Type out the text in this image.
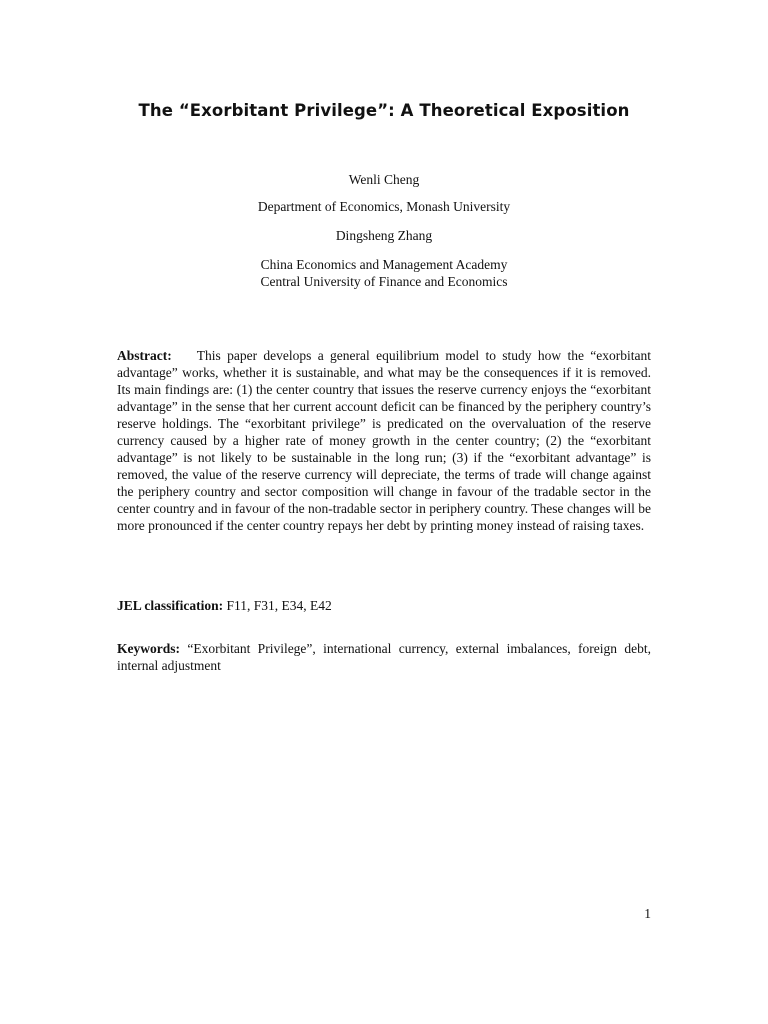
The “Exorbitant Privilege”: A Theoretical Exposition
Wenli Cheng
Department of Economics, Monash University
Dingsheng Zhang
China Economics and Management Academy
Central University of Finance and Economics
Abstract: This paper develops a general equilibrium model to study how the “exorbitant advantage” works, whether it is sustainable, and what may be the consequences if it is removed. Its main findings are: (1) the center country that issues the reserve currency enjoys the “exorbitant advantage” in the sense that her current account deficit can be financed by the periphery country’s reserve holdings. The “exorbitant privilege” is predicated on the overvaluation of the reserve currency caused by a higher rate of money growth in the center country; (2) the “exorbitant advantage” is not likely to be sustainable in the long run; (3) if the “exorbitant advantage” is removed, the value of the reserve currency will depreciate, the terms of trade will change against the periphery country and sector composition will change in favour of the tradable sector in the center country and in favour of the non-tradable sector in periphery country. These changes will be more pronounced if the center country repays her debt by printing money instead of raising taxes.
JEL classification: F11, F31, E34, E42
Keywords: “Exorbitant Privilege”, international currency, external imbalances, foreign debt, internal adjustment
1
